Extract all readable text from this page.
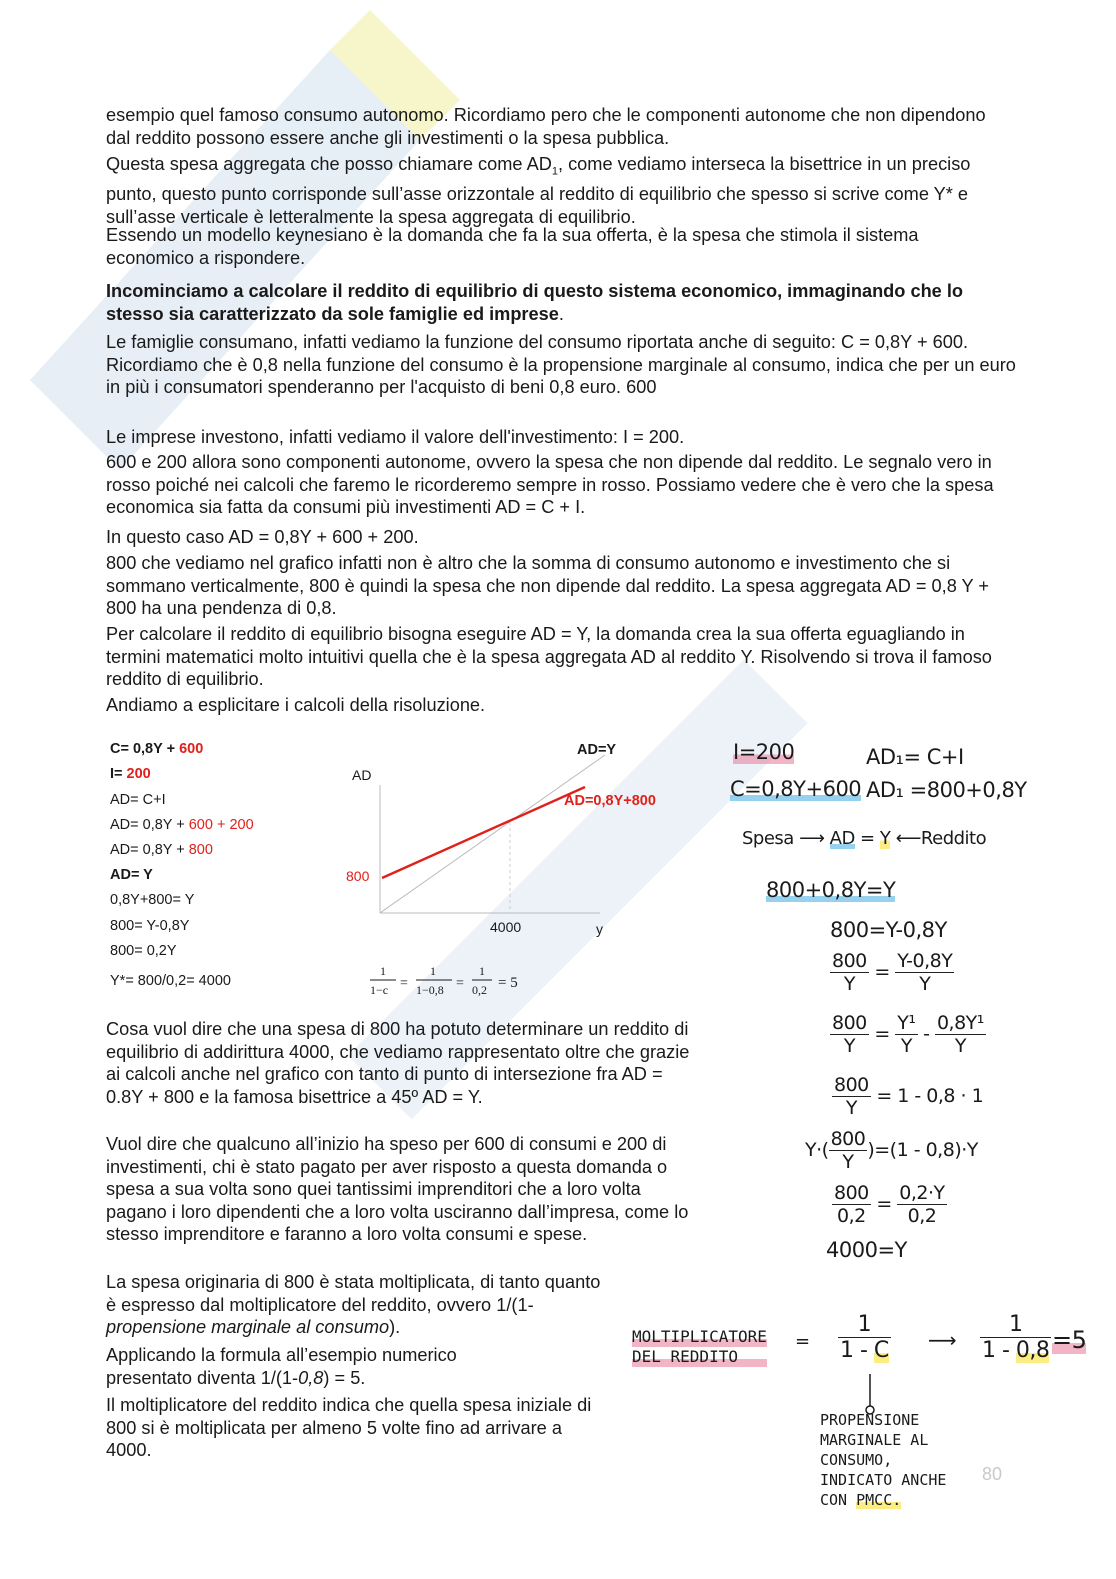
esempio quel famoso consumo autonomo. Ricordiamo pero che le componenti autonome che non dipendono dal reddito possono essere anche gli investimenti o la spesa pubblica.

Questa spesa aggregata che posso chiamare come $AD_1$, come vediamo interseca la bisettrice in un preciso punto, questo punto corrisponde sull’asse orizzontale al reddito di equilibrio che spesso si scrive come Y* e sull’asse verticale è letteralmente la spesa aggregata di equilibrio.

Essendo un modello keynesiano è la domanda che fa la sua offerta, è la spesa che stimola il sistema economico a rispondere.

Incominciamo a calcolare il reddito di equilibrio di questo sistema economico, immaginando che lo stesso sia caratterizzato da sole famiglie ed imprese.

Le famiglie consumano, infatti vediamo la funzione del consumo riportata anche di seguito: C = 0,8Y + 600. Ricordiamo che è 0,8 nella funzione del consumo è la propensione marginale al consumo, indica che per un euro in più i consumatori spenderanno per l'acquisto di beni 0,8 euro. 600

Le imprese investono, infatti vediamo il valore dell'investimento: I = 200.

600 e 200 allora sono componenti autonome, ovvero la spesa che non dipende dal reddito. Le segnalo vero in rosso poiché nei calcoli che faremo le ricorderemo sempre in rosso. Possiamo vedere che è vero che la spesa economica sia fatta da consumi più investimenti AD = C + I.

In questo caso AD = 0,8Y + 600 + 200.

800 che vediamo nel grafico infatti non è altro che la somma di consumo autonomo e investimento che si sommano verticalmente, 800 è quindi la spesa che non dipende dal reddito. La spesa aggregata AD = 0,8 Y + 800 ha una pendenza di 0,8.

Per calcolare il reddito di equilibrio bisogna eseguire AD = Y, la domanda crea la sua offerta eguagliando in termini matematici molto intuitivi quella che è la spesa aggregata AD al reddito Y. Risolvendo si trova il famoso reddito di equilibrio.

Andiamo a esplicitare i calcoli della risoluzione.

C= 0,8Y + 600
I= 200
AD= C+I
AD= 0,8Y + 600 + 200
AD= 0,8Y + 800
AD= Y
0,8Y+800= Y
800= Y-0,8Y
800= 0,2Y
Y*= 800/0,2= 4000
AD=Y
AD
AD=0,8Y+800
800
4000	y
1
1−c =
1
1−0,8 =
1
0,2 = 5
I=200
C=0,8Y+600
AD₁= C+I
AD₁ =800+0,8Y
Spesa ⟶ AD = Y ⟵Reddito
800+0,8Y=Y
800=Y-0,8Y
$\frac{800}{Y} = \frac{Y-0,8Y}{Y}$
$\frac{800}{Y} = \frac{\text{Y¹}}{Y} - \frac{\text{0,8Y¹}}{Y}$
$\frac{800}{Y} = 1 - 0,8 \cdot 1$
$Y\cdot( \frac{800}{Y} )=(1 - 0,8)\cdot Y$
$\frac{800}{0,2} = \frac{0,2\cdot Y}{0,2}$
4000=Y

Cosa vuol dire che una spesa di 800 ha potuto determinare un reddito di equilibrio di addirittura 4000, che vediamo rappresentato oltre che grazie ai calcoli anche nel grafico con tanto di punto di intersezione fra AD = 0.8Y + 800 e la famosa bisettrice a 45º AD = Y.

Vuol dire che qualcuno all’inizio ha speso per 600 di consumi e 200 di investimenti, chi è stato pagato per aver risposto a questa domanda o spesa a sua volta sono quei tantissimi imprenditori che a loro volta pagano i loro dipendenti che a loro volta usciranno dall’impresa, come lo stesso imprenditore e faranno a loro volta consumi e spese.

La spesa originaria di 800 è stata moltiplicata, di tanto quanto è espresso dal moltiplicatore del reddito, ovvero 1/(1-propensione marginale al consumo).

Applicando la formula all’esempio numerico presentato diventa 1/(1-0,8) = 5.

Il moltiplicatore del reddito indica che quella spesa iniziale di 800 si è moltiplicata per almeno 5 volte fino ad arrivare a 4000.

MOLTIPLICATORE
DEL REDDITO
= $\frac{1}{1 - C}$ ⟶ $\frac{1}{1 - 0,8} =5$
PROPENSIONE
MARGINALE AL
CONSUMO,
INDICATO ANCHE
CON PMCC.
80
